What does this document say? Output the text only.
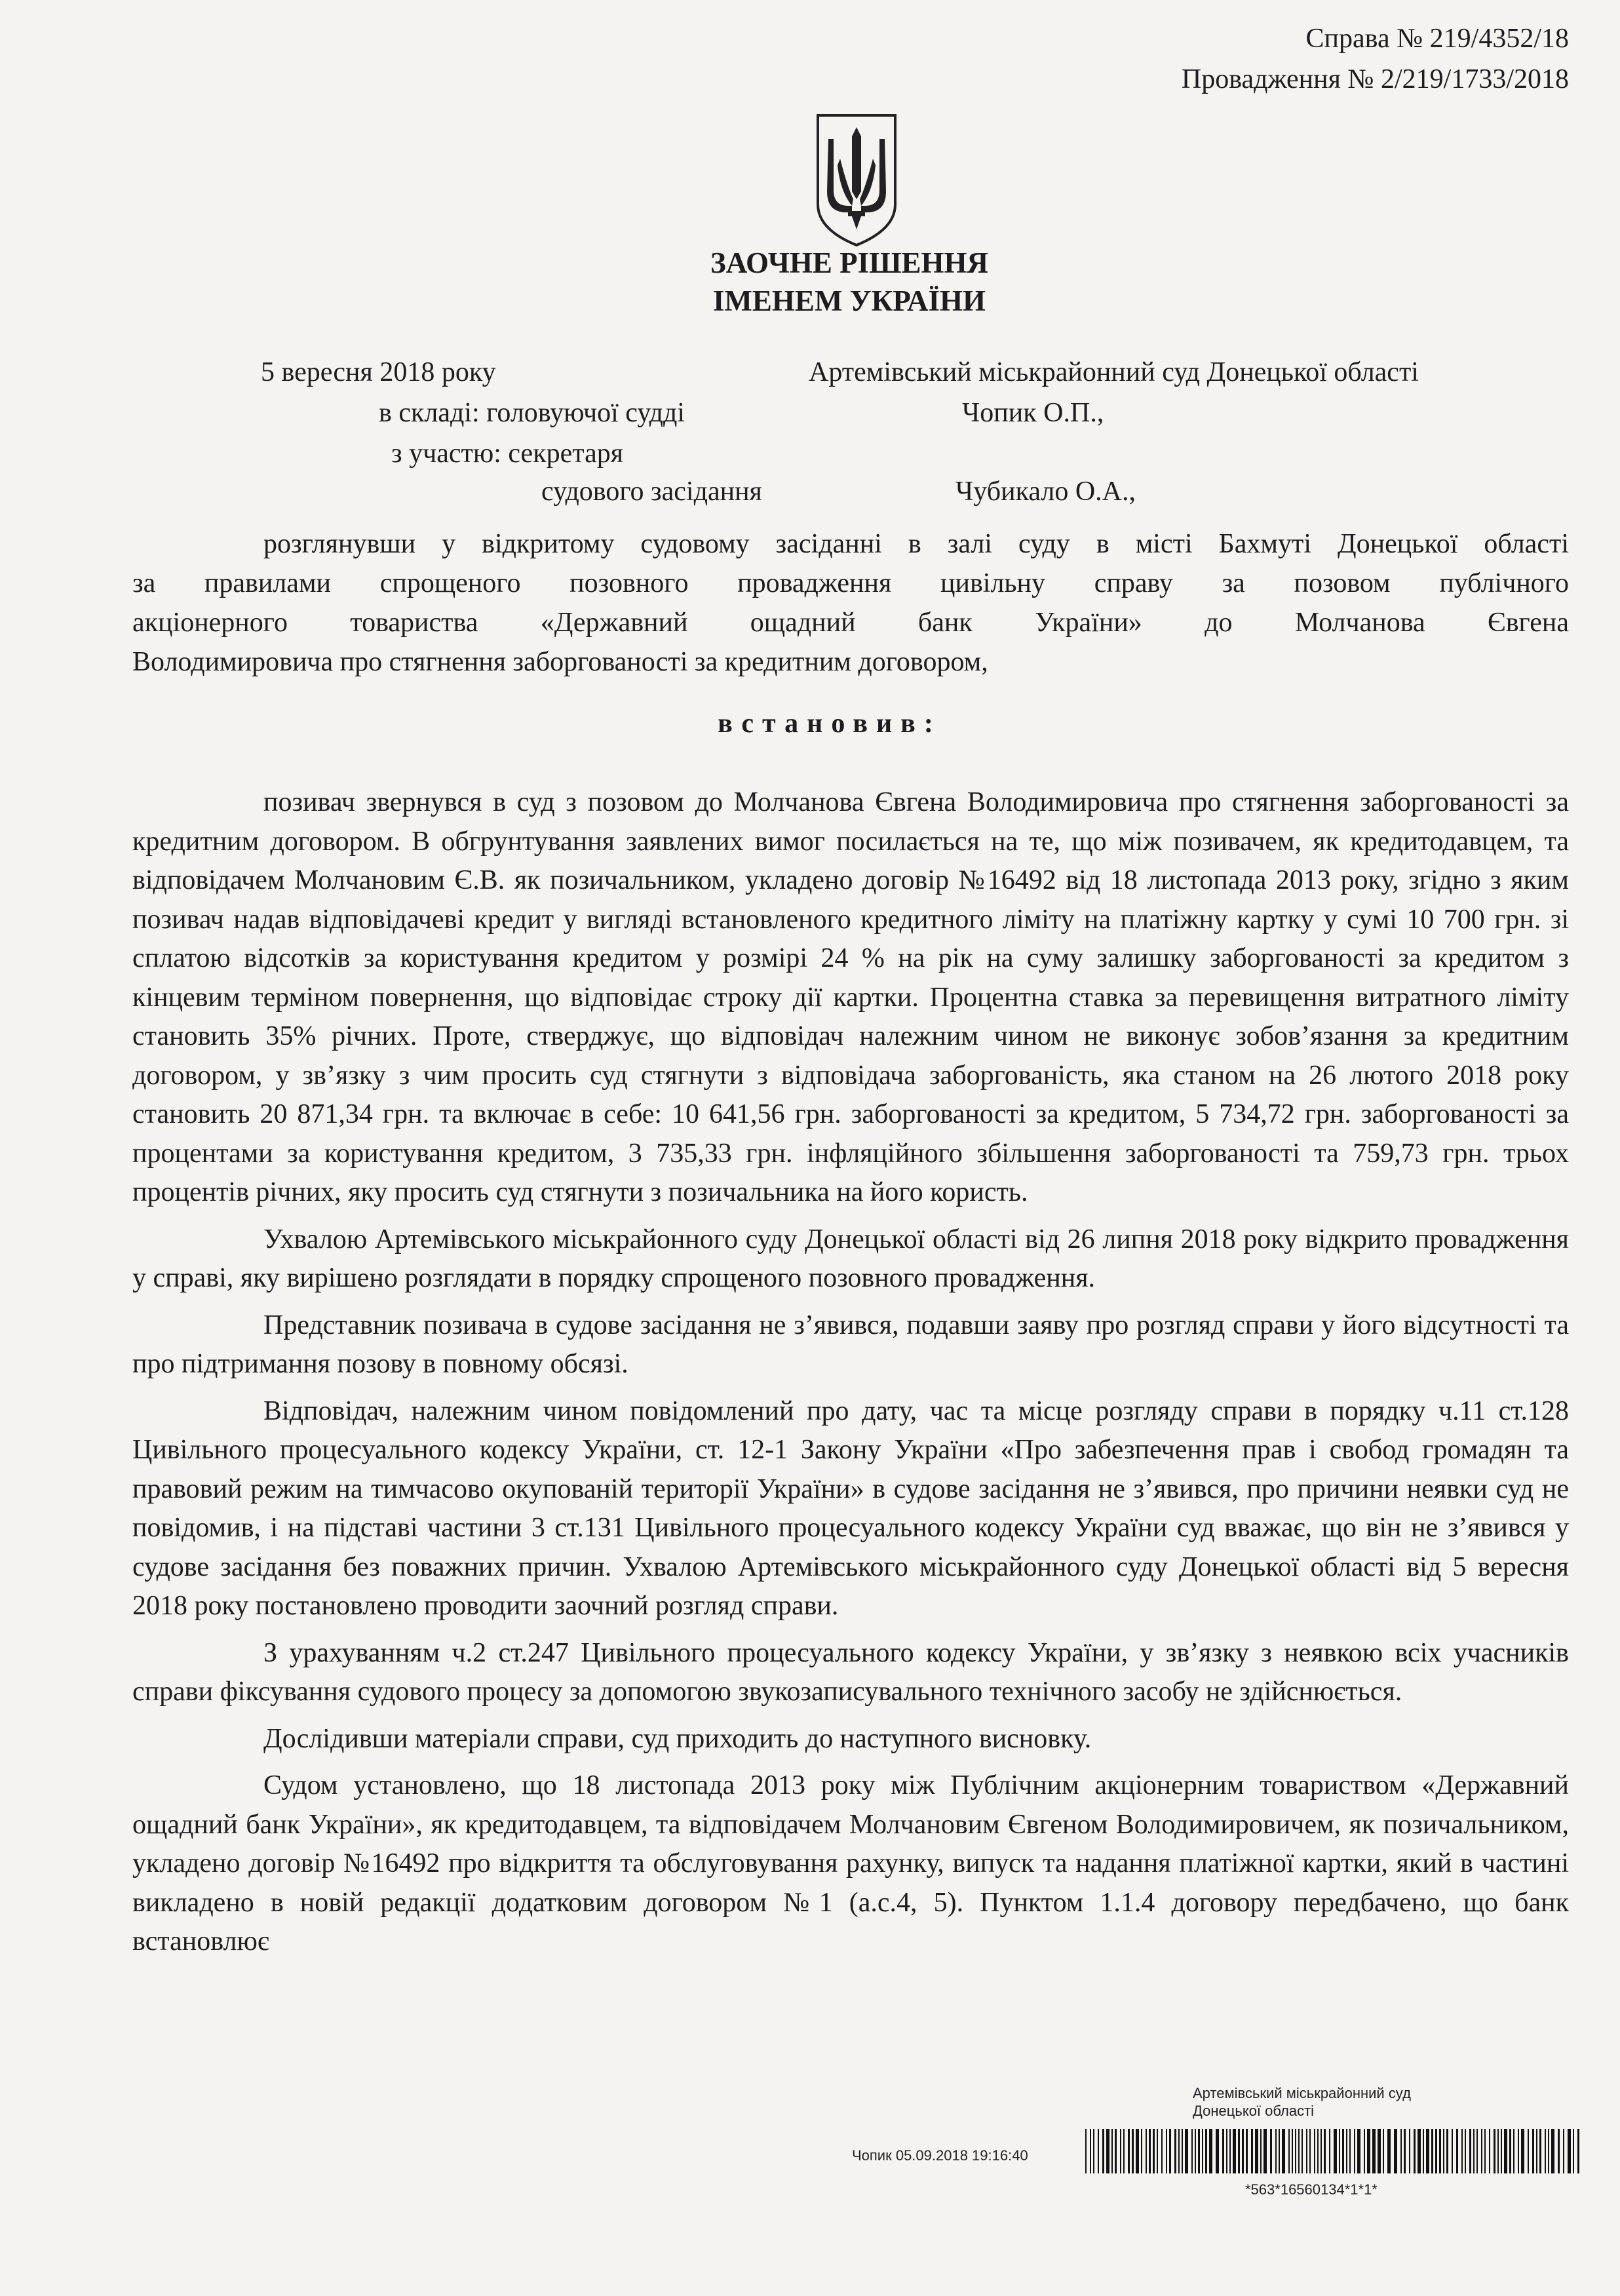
Справа № 219/4352/18
Провадження № 2/219/1733/2018
ЗАОЧНЕ РІШЕННЯ
ІМЕНЕМ УКРАЇНИ
5 вересня 2018 року	Артемівський міськрайонний суд Донецької області
в складі: головуючої судді	Чопик О.П.,
з участю: секретаря
судового засідання	Чубикало О.А.,

розглянувши у відкритому судовому засіданні в залі суду в місті Бахмуті Донецької області

за правилами спрощеного позовного провадження цивільну справу за позовом публічного

акціонерного товариства «Державний ощадний банк України» до Молчанова Євгена

Володимировича про стягнення заборгованості за кредитним договором,

встановив:

позивач звернувся в суд з позовом до Молчанова Євгена Володимировича про стягнення заборгованості за кредитним договором. В обгрунтування заявлених вимог посилається на те, що між позивачем, як кредитодавцем, та відповідачем Молчановим Є.В. як позичальником, укладено договір №16492 від 18 листопада 2013 року, згідно з яким позивач надав відповідачеві кредит у вигляді встановленого кредитного ліміту на платіжну картку у сумі 10 700 грн. зі сплатою відсотків за користування кредитом у розмірі 24 % на рік на суму залишку заборгованості за кредитом з кінцевим терміном повернення, що відповідає строку дії картки. Процентна ставка за перевищення витратного ліміту становить 35% річних. Проте, стверджує, що відповідач належним чином не виконує зобов’язання за кредитним договором, у зв’язку з чим просить суд стягнути з відповідача заборгованість, яка станом на 26 лютого 2018 року становить 20 871,34 грн. та включає в себе: 10 641,56 грн. заборгованості за кредитом, 5 734,72 грн. заборгованості за процентами за користування кредитом, 3 735,33 грн. інфляційного збільшення заборгованості та 759,73 грн. трьох процентів річних, яку просить суд стягнути з позичальника на його користь.

Ухвалою Артемівського міськрайонного суду Донецької області від 26 липня 2018 року відкрито провадження у справі, яку вирішено розглядати в порядку спрощеного позовного провадження.

Представник позивача в судове засідання не з’явився, подавши заяву про розгляд справи у його відсутності та про підтримання позову в повному обсязі.

Відповідач, належним чином повідомлений про дату, час та місце розгляду справи в порядку ч.11 ст.128 Цивільного процесуального кодексу України, ст. 12-1 Закону України «Про забезпечення прав і свобод громадян та правовий режим на тимчасово окупованій території України» в судове засідання не з’явився, про причини неявки суд не повідомив, і на підставі частини 3 ст.131 Цивільного процесуального кодексу України суд вважає, що він не з’явився у судове засідання без поважних причин. Ухвалою Артемівського міськрайонного суду Донецької області від 5 вересня 2018 року постановлено проводити заочний розгляд справи.

З урахуванням ч.2 ст.247 Цивільного процесуального кодексу України, у зв’язку з неявкою всіх учасників справи фіксування судового процесу за допомогою звукозаписувального технічного засобу не здійснюється.

Дослідивши матеріали справи, суд приходить до наступного висновку.

Судом установлено, що 18 листопада 2013 року між Публічним акціонерним товариством «Державний ощадний банк України», як кредитодавцем, та відповідачем Молчановим Євгеном Володимировичем, як позичальником, укладено договір №16492 про відкриття та обслуговування рахунку, випуск та надання платіжної картки, який в частині викладено в новій редакції додатковим договором №1 (а.с.4, 5). Пунктом 1.1.4 договору передбачено, що банк встановлює

Артемівський міськрайонний суд
Донецької області
Чопик 05.09.2018 19:16:40
*563*16560134*1*1*
